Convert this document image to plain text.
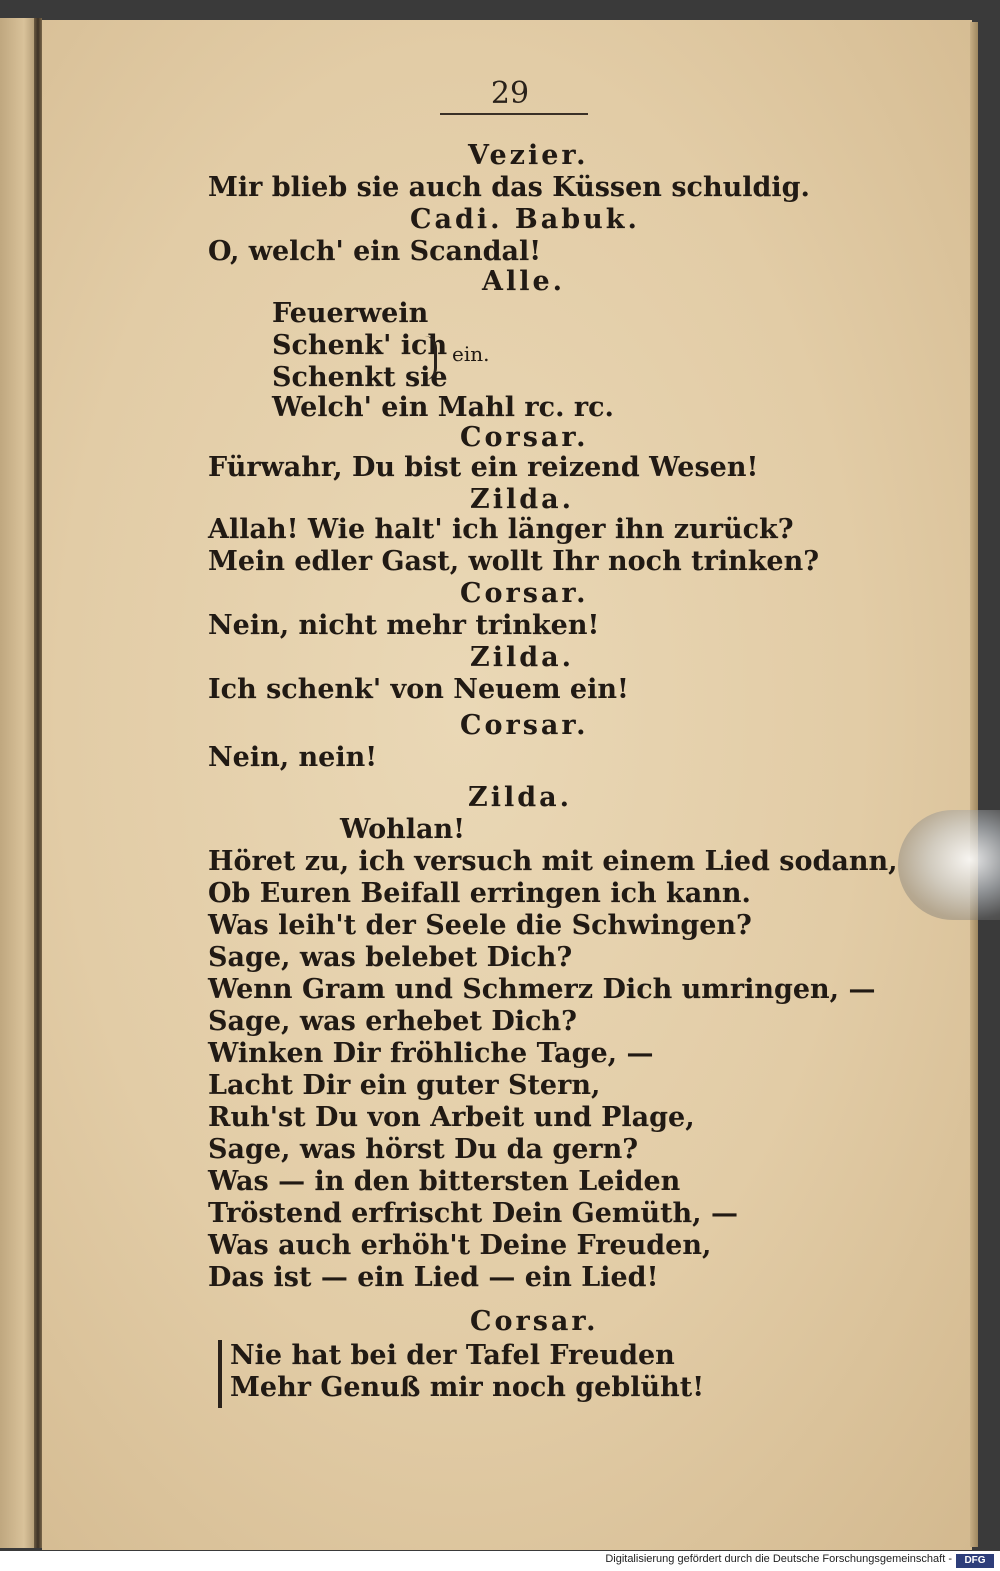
29
Vezier.
Mir blieb sie auch das Küssen schuldig.
Cadi. Babuk.
O, welch' ein Scandal!
Alle.
Feuerwein
Schenk' ich
Schenkt sie
ein.
Welch' ein Mahl rc. rc.
Corsar.
Fürwahr, Du bist ein reizend Wesen!
Zilda.
Allah! Wie halt' ich länger ihn zurück?
Mein edler Gast, wollt Ihr noch trinken?
Corsar.
Nein, nicht mehr trinken!
Zilda.
Ich schenk' von Neuem ein!
Corsar.
Nein, nein!
Zilda.
Wohlan!
Höret zu, ich versuch mit einem Lied sodann,
Ob Euren Beifall erringen ich kann.
Was leih't der Seele die Schwingen?
Sage, was belebet Dich?
Wenn Gram und Schmerz Dich umringen, —
Sage, was erhebet Dich?
Winken Dir fröhliche Tage, —
Lacht Dir ein guter Stern,
Ruh'st Du von Arbeit und Plage,
Sage, was hörst Du da gern?
Was — in den bittersten Leiden
Tröstend erfrischt Dein Gemüth, —
Was auch erhöh't Deine Freuden,
Das ist — ein Lied — ein Lied!
Corsar.
Nie hat bei der Tafel Freuden
Mehr Genuß mir noch geblüht!
Digitalisierung gefördert durch die Deutsche Forschungsgemeinschaft -	DFG
